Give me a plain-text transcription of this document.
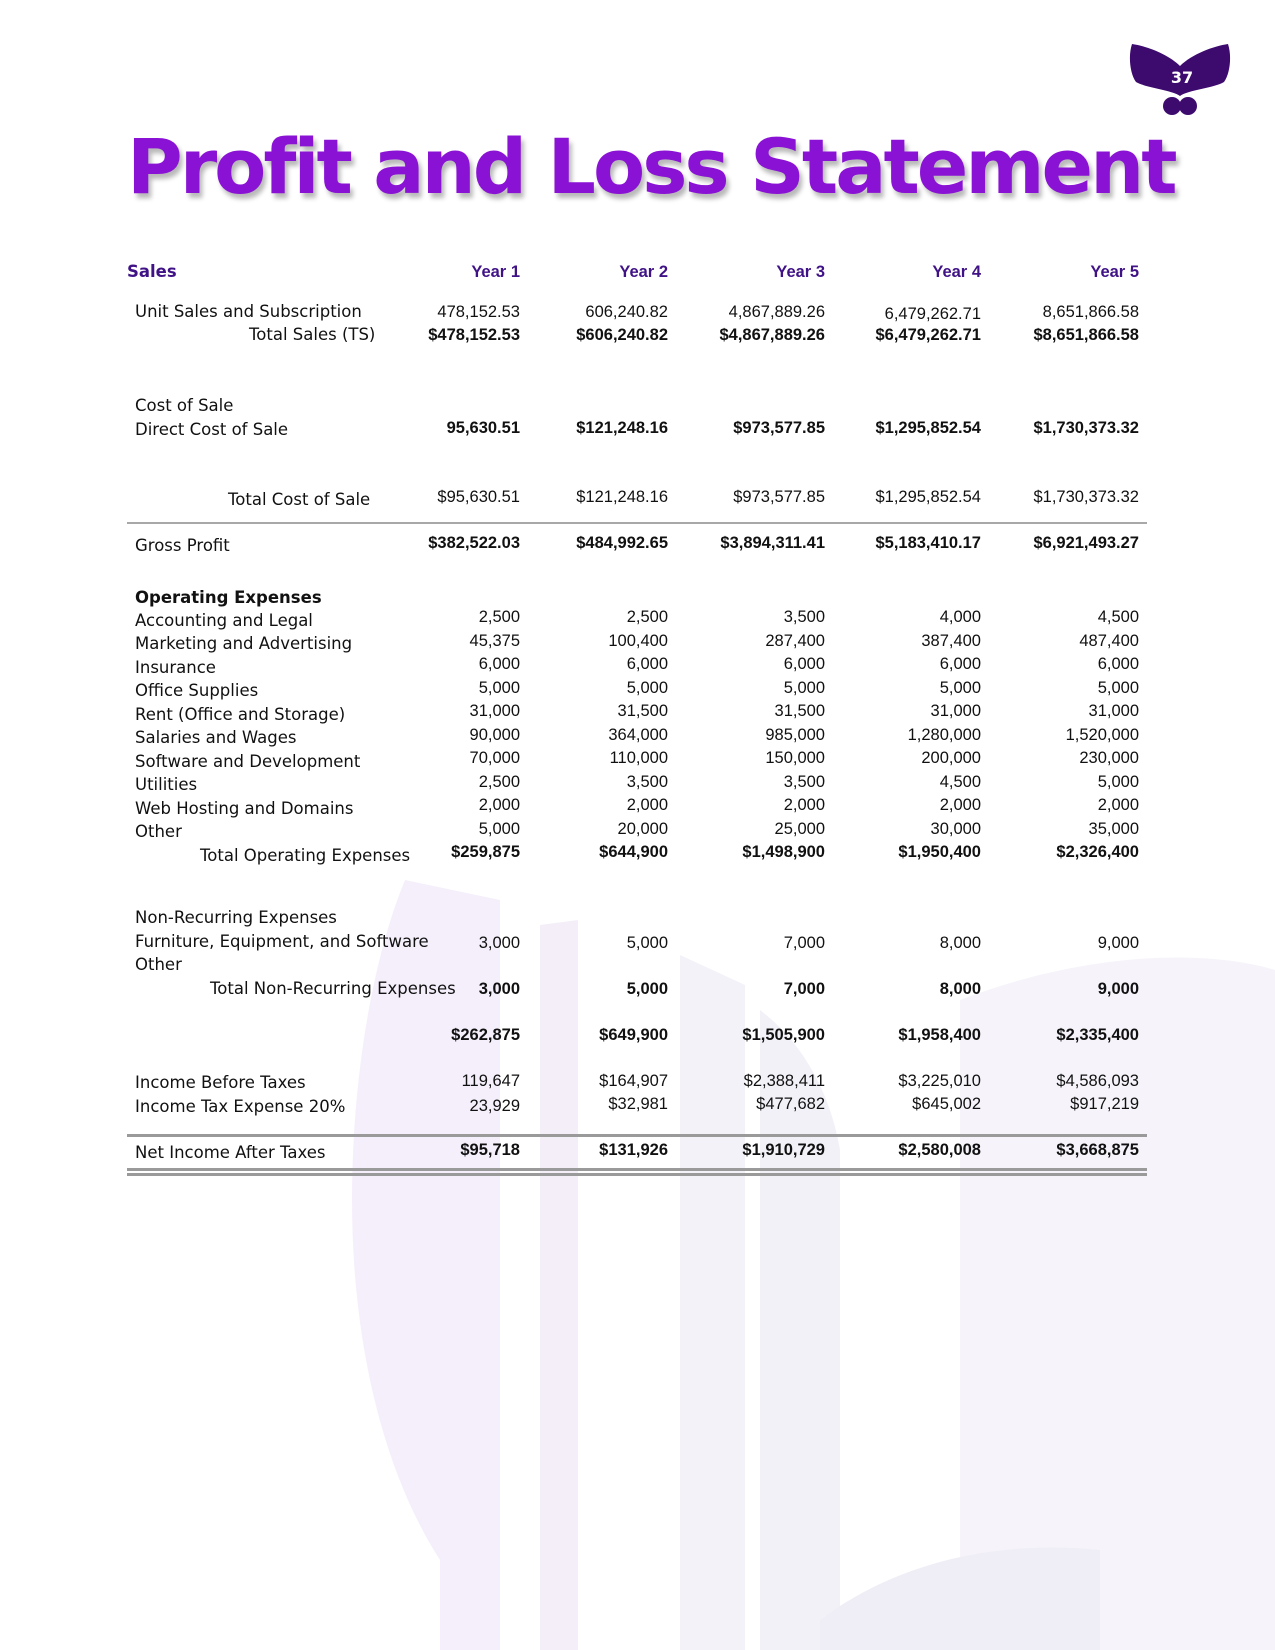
37
Profit and Loss Statement
Sales	Year 1	Year 2	Year 3	Year 4	Year 5
Unit Sales and Subscription	478,152.53	606,240.82	4,867,889.26	6,479,262.71	8,651,866.58
Total Sales (TS)	$478,152.53	$606,240.82	$4,867,889.26	$6,479,262.71	$8,651,866.58
Cost of Sale
Direct Cost of Sale	95,630.51	$121,248.16	$973,577.85	$1,295,852.54	$1,730,373.32
Total Cost of Sale	$95,630.51	$121,248.16	$973,577.85	$1,295,852.54	$1,730,373.32
Gross Profit	$382,522.03	$484,992.65	$3,894,311.41	$5,183,410.17	$6,921,493.27
Operating Expenses
Accounting and Legal	2,500	2,500	3,500	4,000	4,500
Marketing and Advertising	45,375	100,400	287,400	387,400	487,400
Insurance	6,000	6,000	6,000	6,000	6,000
Office Supplies	5,000	5,000	5,000	5,000	5,000
Rent (Office and Storage)	31,000	31,500	31,500	31,000	31,000
Salaries and Wages	90,000	364,000	985,000	1,280,000	1,520,000
Software and Development	70,000	110,000	150,000	200,000	230,000
Utilities	2,500	3,500	3,500	4,500	5,000
Web Hosting and Domains	2,000	2,000	2,000	2,000	2,000
Other	5,000	20,000	25,000	30,000	35,000
Total Operating Expenses	$259,875	$644,900	$1,498,900	$1,950,400	$2,326,400
Non-Recurring Expenses
Furniture, Equipment, and Software	3,000	5,000	7,000	8,000	9,000
Other
Total Non-Recurring Expenses	3,000	5,000	7,000	8,000	9,000
$262,875	$649,900	$1,505,900	$1,958,400	$2,335,400
Income Before Taxes	119,647	$164,907	$2,388,411	$3,225,010	$4,586,093
Income Tax Expense 20%	23,929	$32,981	$477,682	$645,002	$917,219
Net Income After Taxes	$95,718	$131,926	$1,910,729	$2,580,008	$3,668,875
